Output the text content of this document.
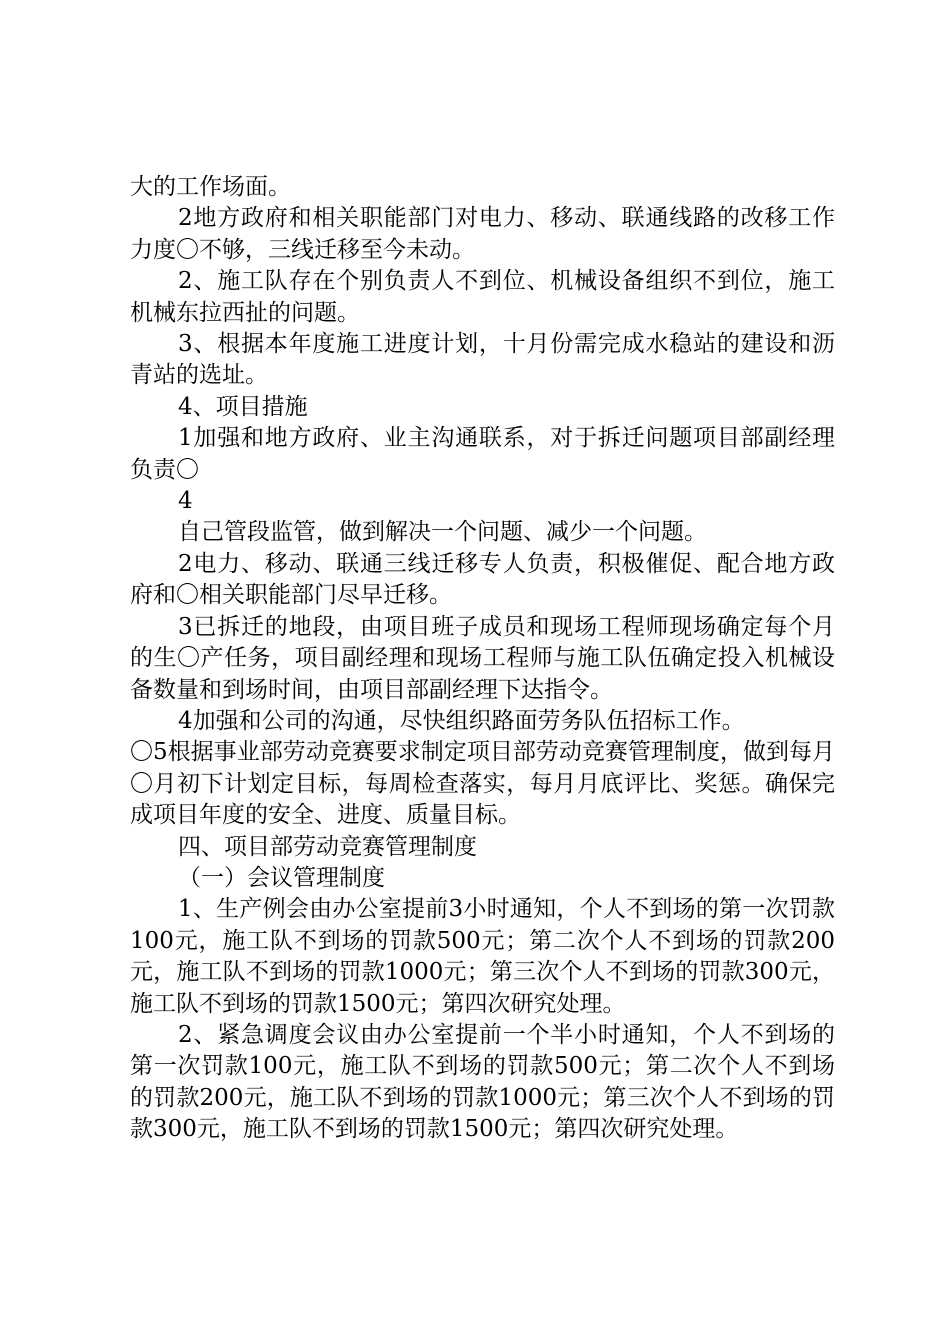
大的工作场面。

2地方政府和相关职能部门对电力、移动、联通线路的改移工作力度〇不够，三线迁移至今未动。

2、施工队存在个别负责人不到位、机械设备组织不到位，施工机械东拉西扯的问题。

3、根据本年度施工进度计划，十月份需完成水稳站的建设和沥青站的选址。

4、项目措施

1加强和地方政府、业主沟通联系，对于拆迁问题项目部副经理负责〇

4

自己管段监管，做到解决一个问题、减少一个问题。

2电力、移动、联通三线迁移专人负责，积极催促、配合地方政府和〇相关职能部门尽早迁移。

3已拆迁的地段，由项目班子成员和现场工程师现场确定每个月的生〇产任务，项目副经理和现场工程师与施工队伍确定投入机械设备数量和到场时间，由项目部副经理下达指令。

4加强和公司的沟通，尽快组织路面劳务队伍招标工作。

〇5根据事业部劳动竞赛要求制定项目部劳动竞赛管理制度，做到每月〇月初下计划定目标，每周检查落实，每月月底评比、奖惩。确保完成项目年度的安全、进度、质量目标。

四、项目部劳动竞赛管理制度

（一）会议管理制度

1、生产例会由办公室提前3小时通知，个人不到场的第一次罚款100元，施工队不到场的罚款500元；第二次个人不到场的罚款200元，施工队不到场的罚款1000元；第三次个人不到场的罚款300元，施工队不到场的罚款1500元；第四次研究处理。

2、紧急调度会议由办公室提前一个半小时通知，个人不到场的第一次罚款100元，施工队不到场的罚款500元；第二次个人不到场的罚款200元，施工队不到场的罚款1000元；第三次个人不到场的罚款300元，施工队不到场的罚款1500元；第四次研究处理。
